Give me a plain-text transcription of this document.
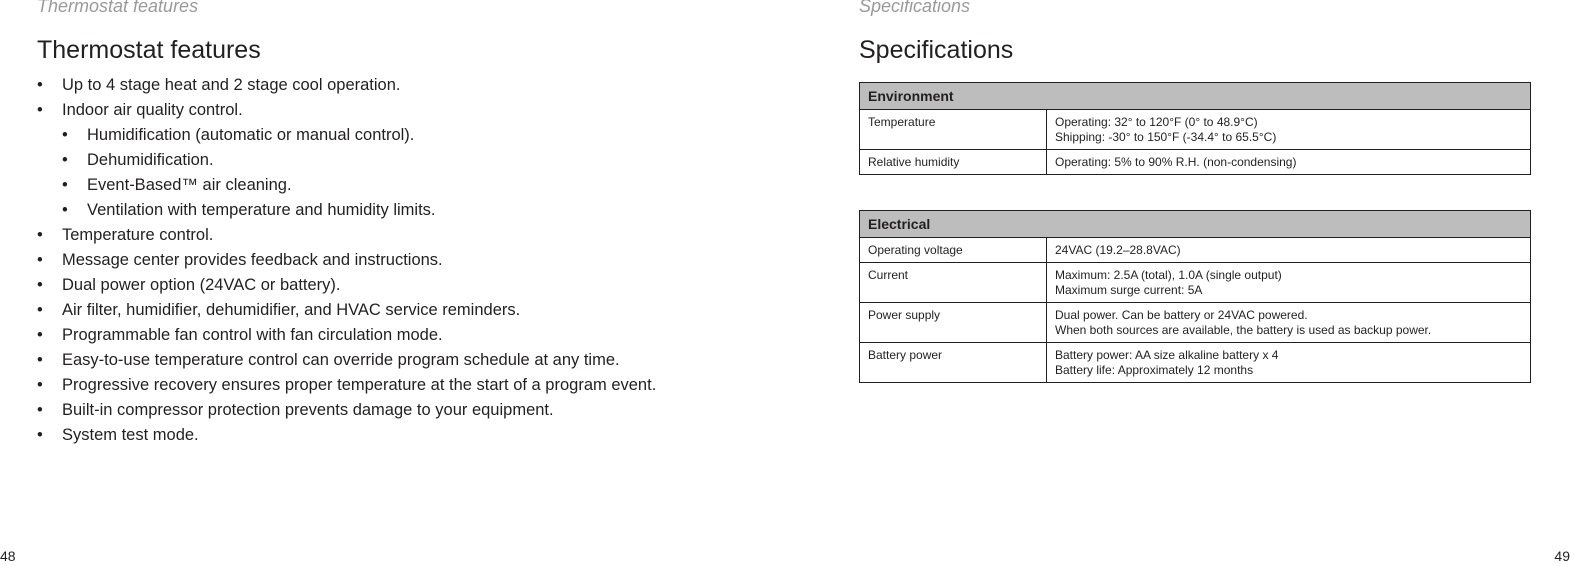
Thermostat features
Thermostat features
• Up to 4 stage heat and 2 stage cool operation.
• Indoor air quality control.
• Humidification (automatic or manual control).
• Dehumidification.
• Event-Based™ air cleaning.
• Ventilation with temperature and humidity limits.
• Temperature control.
• Message center provides feedback and instructions.
• Dual power option (24VAC or battery).
• Air filter, humidifier, dehumidifier, and HVAC service reminders.
• Programmable fan control with fan circulation mode.
• Easy-to-use temperature control can override program schedule at any time.
• Progressive recovery ensures proper temperature at the start of a program event.
• Built-in compressor protection prevents damage to your equipment.
• System test mode.
48
Specifications
Specifications
Environment	
Temperature	Operating: 32° to 120°F (0° to 48.9°C)
Shipping: -30° to 150°F (-34.4° to 65.5°C)

Relative humidity	Operating: 5% to 90% R.H. (non-condensing)
Electrical	
Operating voltage	24VAC (19.2–28.8VAC)

Current	Maximum: 2.5A (total), 1.0A (single output)
Maximum surge current: 5A

Power supply	Dual power. Can be battery or 24VAC powered.
When both sources are available, the battery is used as backup power.

Battery power	Battery power: AA size alkaline battery x 4
Battery life: Approximately 12 months
49
